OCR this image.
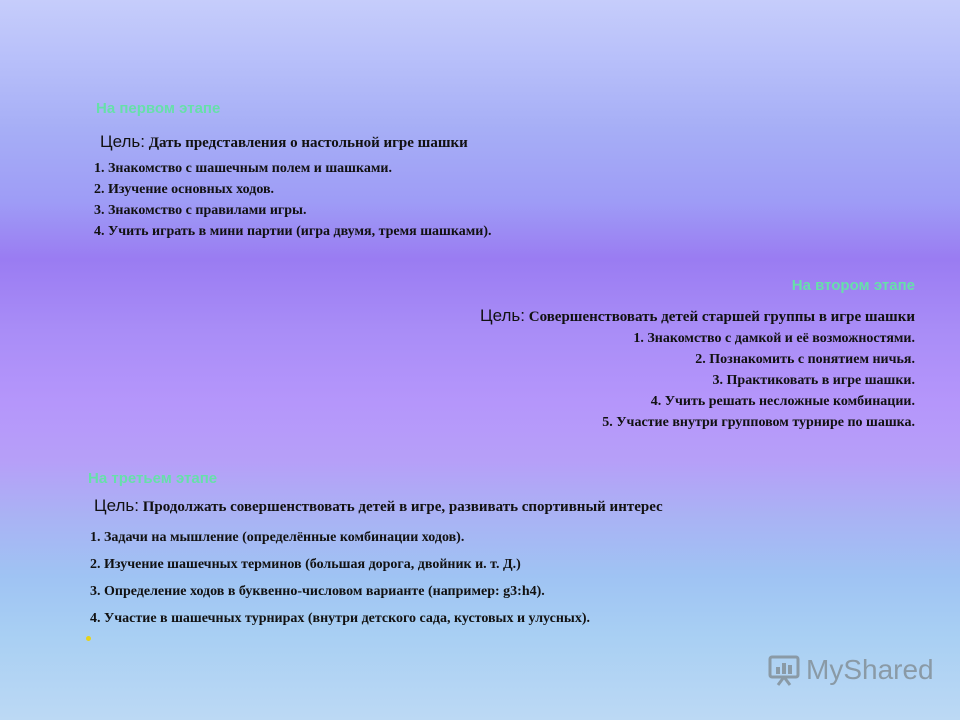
На первом этапе
Цель: Дать представления о настольной игре шашки
1. Знакомство с шашечным полем и шашками.
2. Изучение основных ходов.
3. Знакомство с правилами игры.
4. Учить играть в мини партии (игра двумя, тремя шашками).
На втором этапе
Цель: Совершенствовать детей старшей группы в игре шашки
1. Знакомство с дамкой и её возможностями.
2. Познакомить с понятием ничья.
3. Практиковать в игре шашки.
4. Учить решать несложные комбинации.
5. Участие внутри групповом турнире по шашка.
На третьем этапе
Цель: Продолжать совершенствовать детей в игре, развивать спортивный интерес
1. Задачи на мышление (определённые комбинации ходов).
2. Изучение шашечных терминов (большая дорога, двойник и. т. Д.)
3. Определение ходов в буквенно-числовом варианте (например: g3:h4).
4. Участие в шашечных турнирах (внутри детского сада, кустовых и улусных).
MyShared
